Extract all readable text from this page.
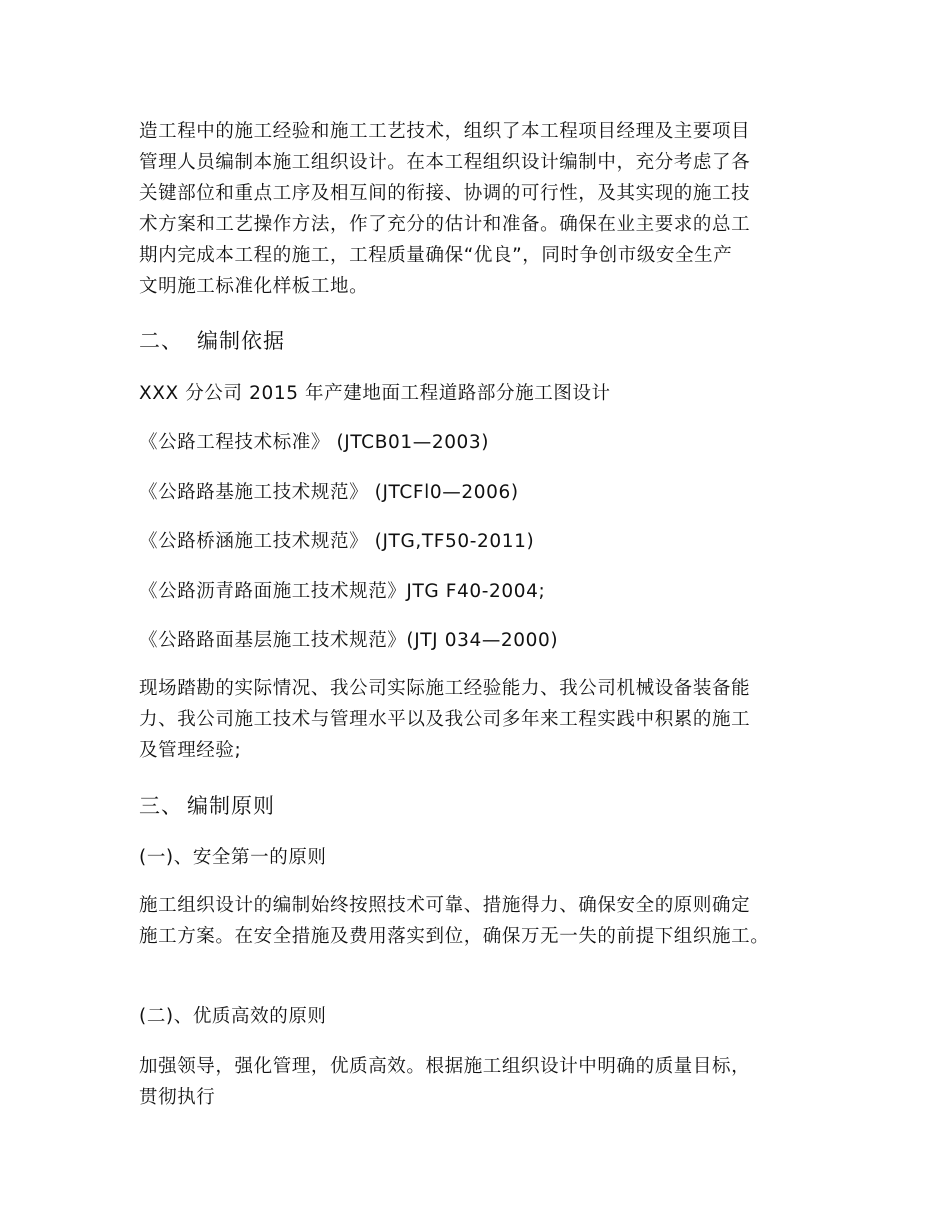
造工程中的施工经验和施工工艺技术，组织了本工程项目经理及主要项目
管理人员编制本施工组织设计。在本工程组织设计编制中，充分考虑了各
关键部位和重点工序及相互间的衔接、协调的可行性，及其实现的施工技
术方案和工艺操作方法，作了充分的估计和准备。确保在业主要求的总工
期内完成本工程的施工，工程质量确保“优良”，同时争创市级安全生产
文明施工标准化样板工地。

二、 编制依据

XXX 分公司 2015 年产建地面工程道路部分施工图设计

《公路工程技术标准》 (JTCB01—2003)

《公路路基施工技术规范》 (JTCFl0—2006)

《公路桥涵施工技术规范》 (JTG,TF50-2011)

《公路沥青路面施工技术规范》JTG F40-2004;

《公路路面基层施工技术规范》(JTJ 034—2000)

现场踏勘的实际情况、我公司实际施工经验能力、我公司机械设备装备能
力、我公司施工技术与管理水平以及我公司多年来工程实践中积累的施工
及管理经验;

三、 编制原则

(一)、安全第一的原则

施工组织设计的编制始终按照技术可靠、措施得力、确保安全的原则确定
施工方案。在安全措施及费用落实到位，确保万无一失的前提下组织施工。

(二)、优质高效的原则

加强领导，强化管理，优质高效。根据施工组织设计中明确的质量目标，
贯彻执行
